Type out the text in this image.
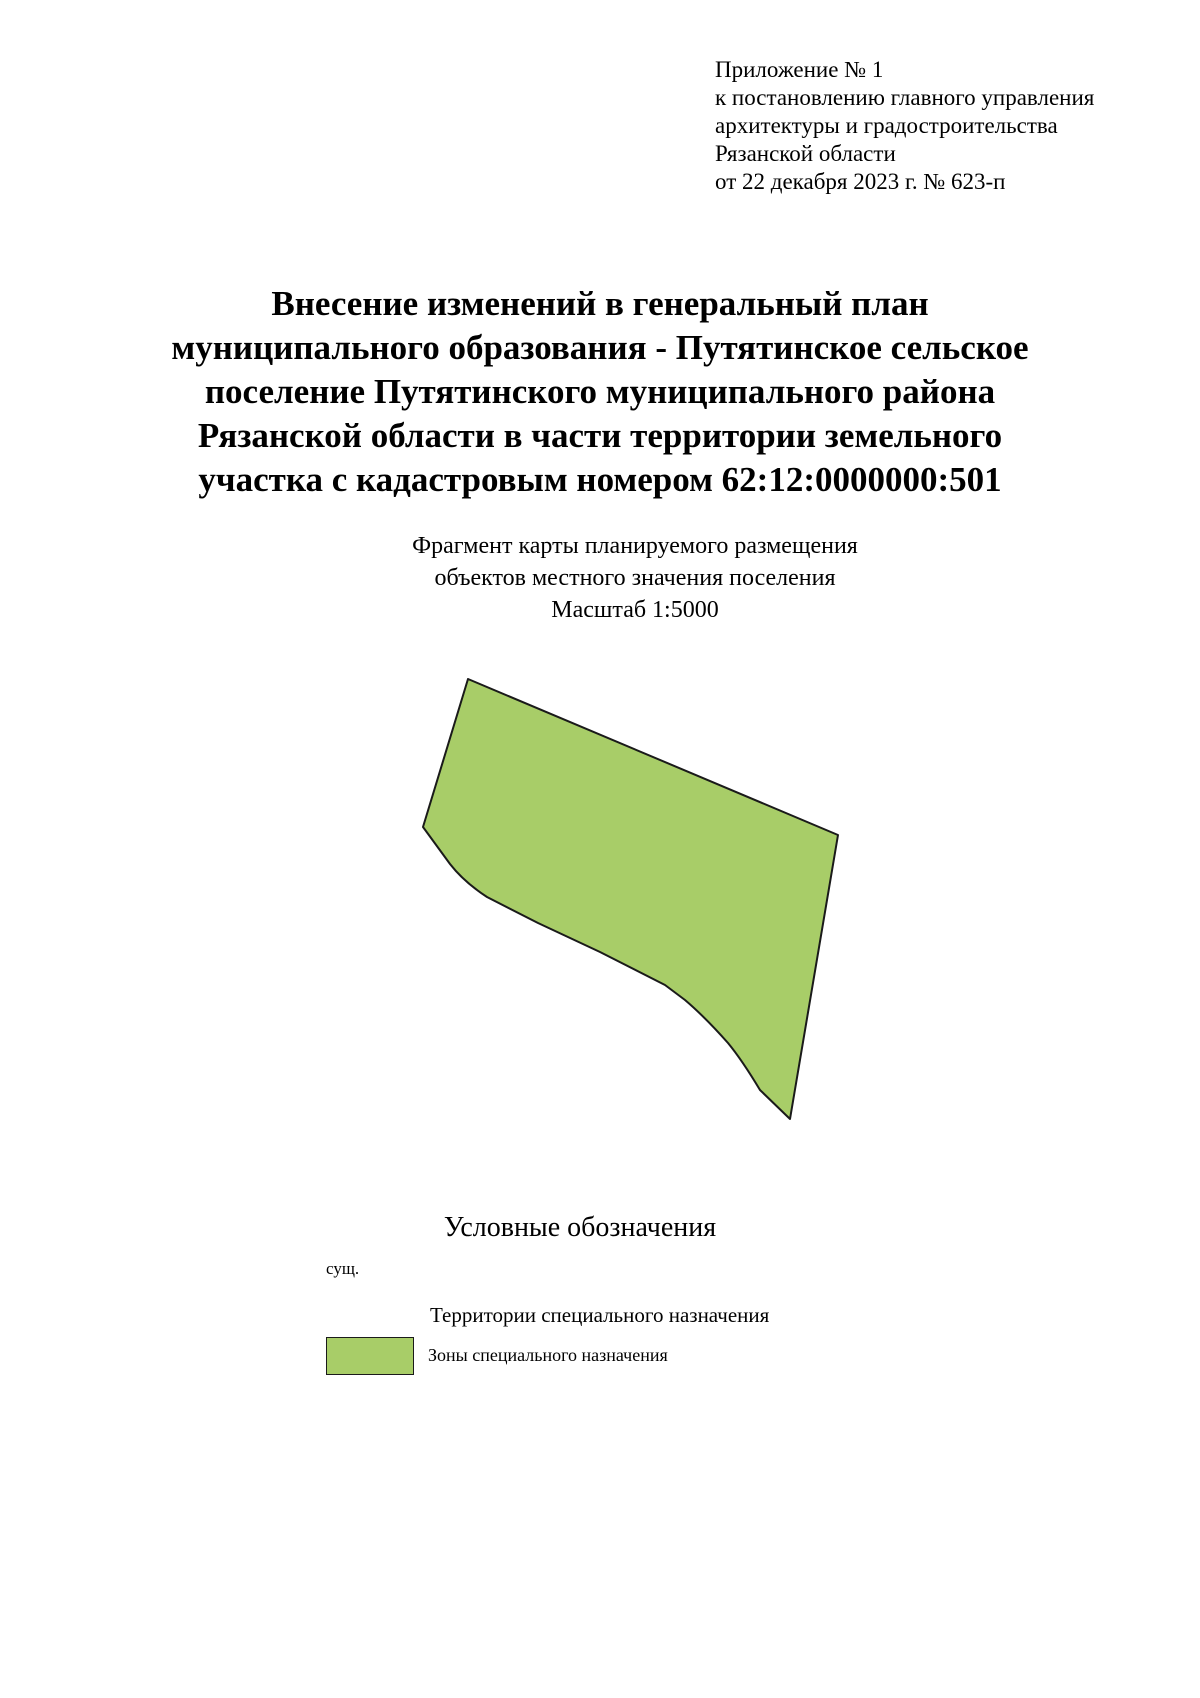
Приложение № 1
к постановлению главного управления
архитектуры и градостроительства
Рязанской области
от 22 декабря 2023 г. № 623-п
Внесение изменений в генеральный план
муниципального образования - Путятинское сельское
поселение Путятинского муниципального района
Рязанской области в части территории земельного
участка с кадастровым номером 62:12:0000000:501
Фрагмент карты планируемого размещения
объектов местного значения поселения
Масштаб 1:5000
Условные обозначения
сущ.
Территории специального назначения
Зоны специального назначения
